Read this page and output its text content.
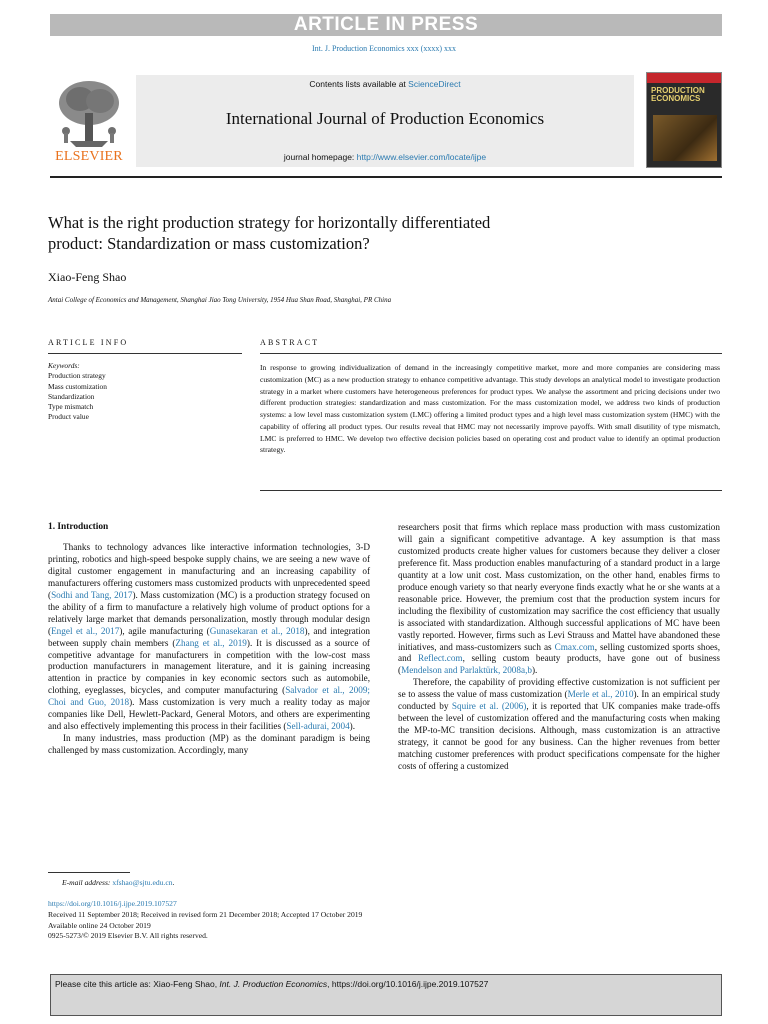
ARTICLE IN PRESS
Int. J. Production Economics xxx (xxxx) xxx
ELSEVIER
Contents lists available at ScienceDirect
International Journal of Production Economics
journal homepage: http://www.elsevier.com/locate/ijpe
PRODUCTION
ECONOMICS
What is the right production strategy for horizontally differentiated
product: Standardization or mass customization?
Xiao-Feng Shao
Antai College of Economics and Management, Shanghai Jiao Tong University, 1954 Hua Shan Road, Shanghai, PR China
ARTICLE INFO	ABSTRACT
Keywords:
Production strategy
Mass customization
Standardization
Type mismatch
Product value
In response to growing individualization of demand in the increasingly competitive market, more and more companies are considering mass customization (MC) as a new production strategy to enhance competitive advantage. This study develops an analytical model to investigate production strategy in a market where customers have heterogeneous preferences for product types. We analyse the assortment and pricing decisions under two different production strategies: standardization and mass customization. For the mass customization model, we address two kinds of production systems: a low level mass customization system (LMC) offering a limited product types and a high level mass customization system (HMC) with the capability of offering all product types. Our results reveal that HMC may not necessarily improve payoffs. With small disutility of type mismatch, LMC is preferred to HMC. We develop two effective decision policies based on operating cost and product value to identify an optimal production strategy.
1. Introduction

Thanks to technology advances like interactive information technologies, 3-D printing, robotics and high-speed bespoke supply chains, we are seeing a new wave of digital customer engagement in manufacturing and an increasing capability of manufacturers offering customers mass customized products with unprecedented speed (Sodhi and Tang, 2017). Mass customization (MC) is a production strategy focused on the ability of a firm to manufacture a relatively high volume of product options for a relatively large market that demands personalization, mostly through modular design (Engel et al., 2017), agile manufacturing (Gunasekaran et al., 2018), and integration between supply chain members (Zhang et al., 2019). It is discussed as a source of competitive advantage for manufacturers in competition with the low-cost mass production manufacturers in management literature, and it is gaining increasing attention in practice by companies in key economic sectors such as automobile, clothing, eyeglasses, bicycles, and computer manufacturing (Salvador et al., 2009; Choi and Guo, 2018). Mass customization is very much a reality today as major companies like Dell, Hewlett-Packard, General Motors, and others are experimenting and also effectively implementing this process in their facilities (Sell-adurai, 2004).

In many industries, mass production (MP) as the dominant paradigm is being challenged by mass customization. Accordingly, many

researchers posit that firms which replace mass production with mass customization will gain a significant competitive advantage. A key assumption is that mass customized products create higher values for customers because they deliver a closer preference fit. Mass production enables manufacturing of a standard product in a large quantity at a low unit cost. Mass customization, on the other hand, enables firms to produce enough variety so that nearly everyone finds exactly what he or she wants at a reasonable price. However, the premium cost that the production system incurs for including the flexibility of customization may sacrifice the cost efficiency that usually is associated with standardization. Although successful applications of MC have been vastly reported. However, firms such as Levi Strauss and Mattel have abandoned these initiatives, and mass-customizers such as Cmax.com, selling customized sports shoes, and Reflect.com, selling custom beauty products, have gone out of business (Mendelson and Parlaktürk, 2008a,b).

Therefore, the capability of providing effective customization is not sufficient per se to assess the value of mass customization (Merle et al., 2010). In an empirical study conducted by Squire et al. (2006), it is reported that UK companies make trade-offs between the level of customization offered and the manufacturing costs when making the MP-to-MC transition decisions. Although, mass customization is an attractive strategy, it cannot be good for any business. Can the higher revenues from better matching customer preferences with product specifications compensate for the higher costs of offering a customized

E-mail address: xfshao@sjtu.edu.cn.
https://doi.org/10.1016/j.ijpe.2019.107527
Received 11 September 2018; Received in revised form 21 December 2018; Accepted 17 October 2019
Available online 24 October 2019
0925-5273/© 2019 Elsevier B.V. All rights reserved.
Please cite this article as: Xiao-Feng Shao, Int. J. Production Economics, https://doi.org/10.1016/j.ijpe.2019.107527
